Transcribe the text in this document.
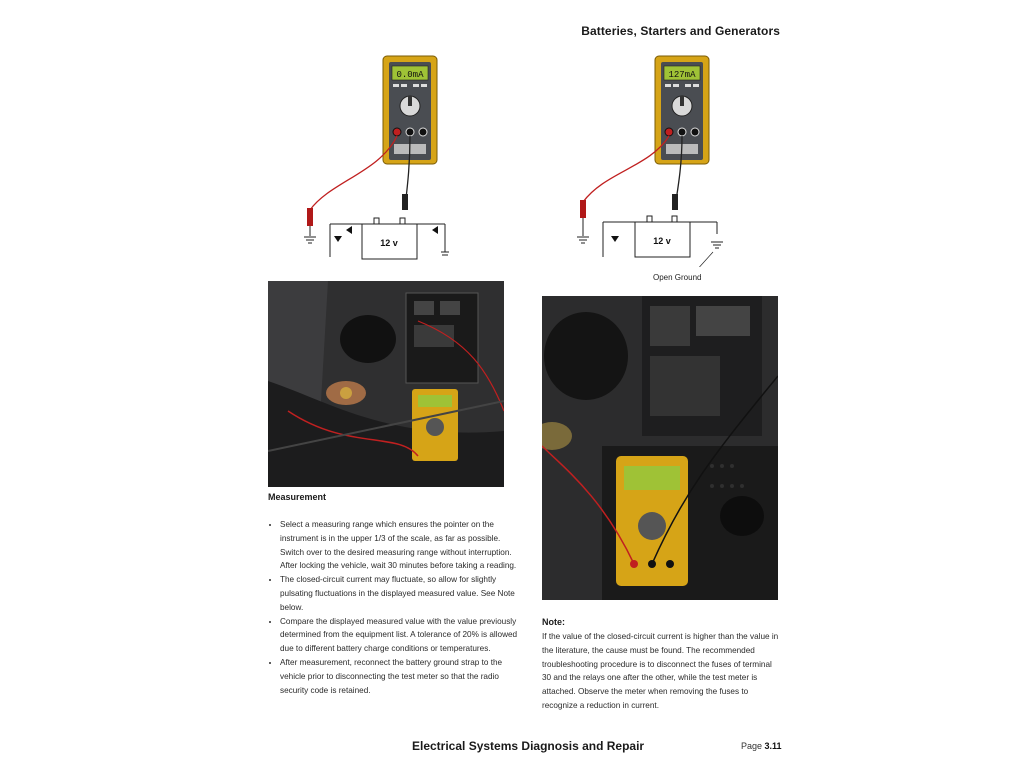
Batteries, Starters and Generators
0.0mA
12 v
127mA
12 v
Open Ground
Measurement
• Select a measuring range which ensures the pointer on the instrument is in the upper 1/3 of the scale, as far as possible. Switch over to the desired measuring range without interruption. After locking the vehicle, wait 30 minutes before taking a reading.
• The closed-circuit current may fluctuate, so allow for slightly pulsating fluctuations in the displayed measured value. See Note below.
• Compare the displayed measured value with the value previously determined from the equipment list. A tolerance of 20% is allowed due to different battery charge conditions or temperatures.
• After measurement, reconnect the battery ground strap to the vehicle prior to disconnecting the test meter so that the radio security code is retained.
Note:
If the value of the closed-circuit current is higher than the value in the literature, the cause must be found. The recommended troubleshooting procedure is to disconnect the fuses of terminal 30 and the relays one after the other, while the test meter is attached. Observe the meter when removing the fuses to recognize a reduction in current.
Electrical Systems Diagnosis and Repair	Page 3.11
